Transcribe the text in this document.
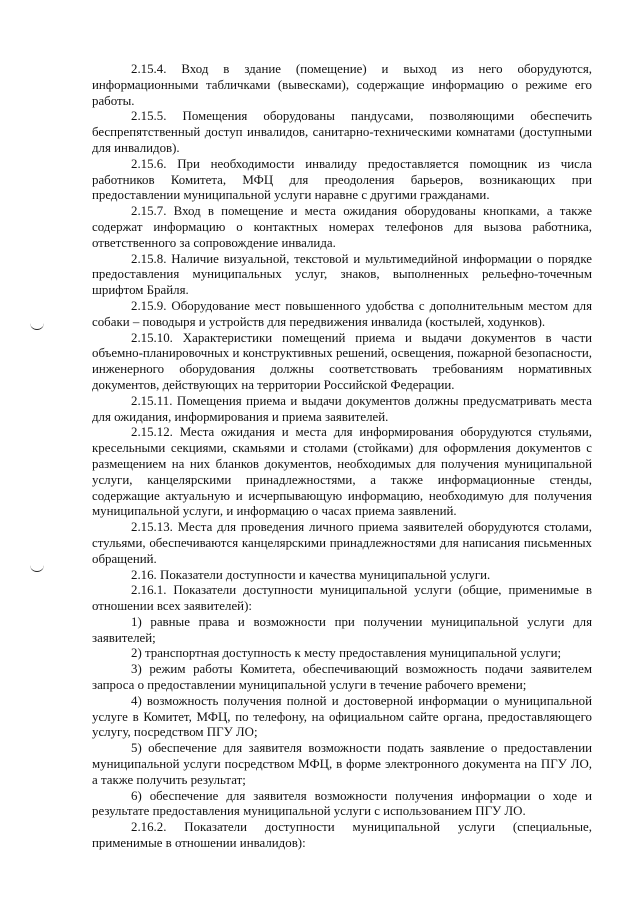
2.15.4. Вход в здание (помещение) и выход из него оборудуются, информационными табличками (вывесками), содержащие информацию о режиме его работы.

2.15.5. Помещения оборудованы пандусами, позволяющими обеспечить беспрепятственный доступ инвалидов, санитарно-техническими комнатами (доступными для инвалидов).

2.15.6. При необходимости инвалиду предоставляется помощник из числа работников Комитета, МФЦ для преодоления барьеров, возникающих при предоставлении муниципальной услуги наравне с другими гражданами.

2.15.7. Вход в помещение и места ожидания оборудованы кнопками, а также содержат информацию о контактных номерах телефонов для вызова работника, ответственного за сопровождение инвалида.

2.15.8. Наличие визуальной, текстовой и мультимедийной информации о порядке предоставления муниципальных услуг, знаков, выполненных рельефно-точечным шрифтом Брайля.

2.15.9. Оборудование мест повышенного удобства с дополнительным местом для собаки – поводыря и устройств для передвижения инвалида (костылей, ходунков).

2.15.10. Характеристики помещений приема и выдачи документов в части объемно-планировочных и конструктивных решений, освещения, пожарной безопасности, инженерного оборудования должны соответствовать требованиям нормативных документов, действующих на территории Российской Федерации.

2.15.11. Помещения приема и выдачи документов должны предусматривать места для ожидания, информирования и приема заявителей.

2.15.12. Места ожидания и места для информирования оборудуются стульями, кресельными секциями, скамьями и столами (стойками) для оформления документов с размещением на них бланков документов, необходимых для получения муниципальной услуги, канцелярскими принадлежностями, а также информационные стенды, содержащие актуальную и исчерпывающую информацию, необходимую для получения муниципальной услуги, и информацию о часах приема заявлений.

2.15.13. Места для проведения личного приема заявителей оборудуются столами, стульями, обеспечиваются канцелярскими принадлежностями для написания письменных обращений.

2.16. Показатели доступности и качества муниципальной услуги.

2.16.1. Показатели доступности муниципальной услуги (общие, применимые в отношении всех заявителей):

1) равные права и возможности при получении муниципальной услуги для заявителей;

2) транспортная доступность к месту предоставления муниципальной услуги;

3) режим работы Комитета, обеспечивающий возможность подачи заявителем запроса о предоставлении муниципальной услуги в течение рабочего времени;

4) возможность получения полной и достоверной информации о муниципальной услуге в Комитет, МФЦ, по телефону, на официальном сайте органа, предоставляющего услугу, посредством ПГУ ЛО;

5) обеспечение для заявителя возможности подать заявление о предоставлении муниципальной услуги посредством МФЦ, в форме электронного документа на ПГУ ЛО, а также получить результат;

6) обеспечение для заявителя возможности получения информации о ходе и результате предоставления муниципальной услуги с использованием ПГУ ЛО.

2.16.2. Показатели доступности муниципальной услуги (специальные, применимые в отношении инвалидов):
